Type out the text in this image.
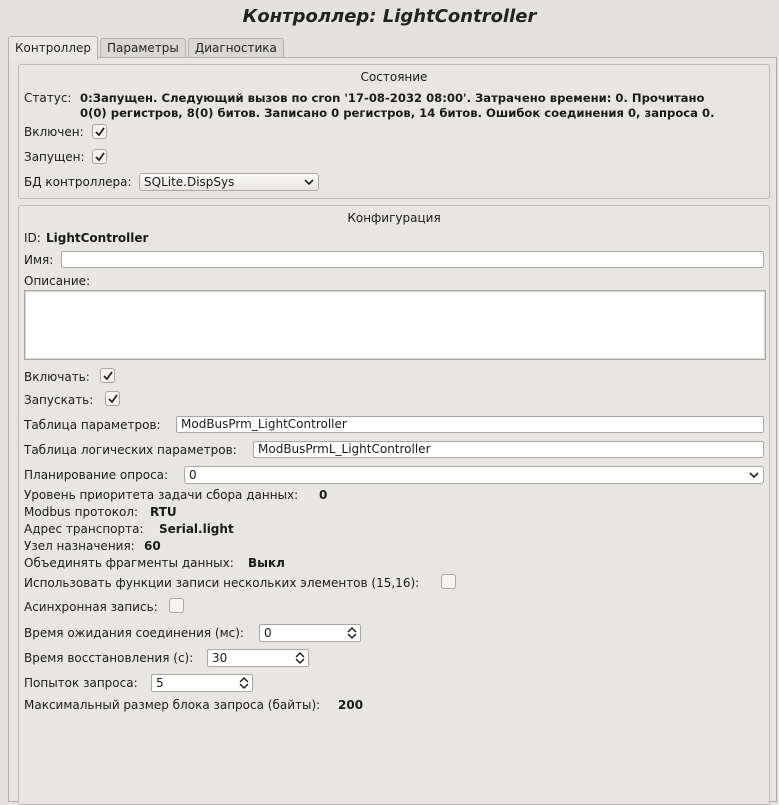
Контроллер: LightController
Контроллер	Параметры	Диагностика
Состояние
Статус: 0:Запущен. Следующий вызов по cron '17-08-2032 08:00'. Затрачено времени: 0. Прочитано
0(0) регистров, 8(0) битов. Записано 0 регистров, 14 битов. Ошибок соединения 0, запроса 0.
Включен:
Запущен:
БД контроллера:	SQLite.DispSys
Конфигурация
ID: LightController
Имя:
Описание:
Включать:
Запускать:
Таблица параметров:	ModBusPrm_LightController
Таблица логических параметров:	ModBusPrmL_LightController
Планирование опроса:	0
Уровень приоритета задачи сбора данных: 0
Modbus протокол: RTU
Адрес транспорта: Serial.light
Узел назначения: 60
Объединять фрагменты данных: Выкл
Использовать функции записи нескольких элементов (15,16):
Асинхронная запись:
Время ожидания соединения (мс):	0
Время восстановления (с):	30
Попыток запроса:	5
Максимальный размер блока запроса (байты): 200
